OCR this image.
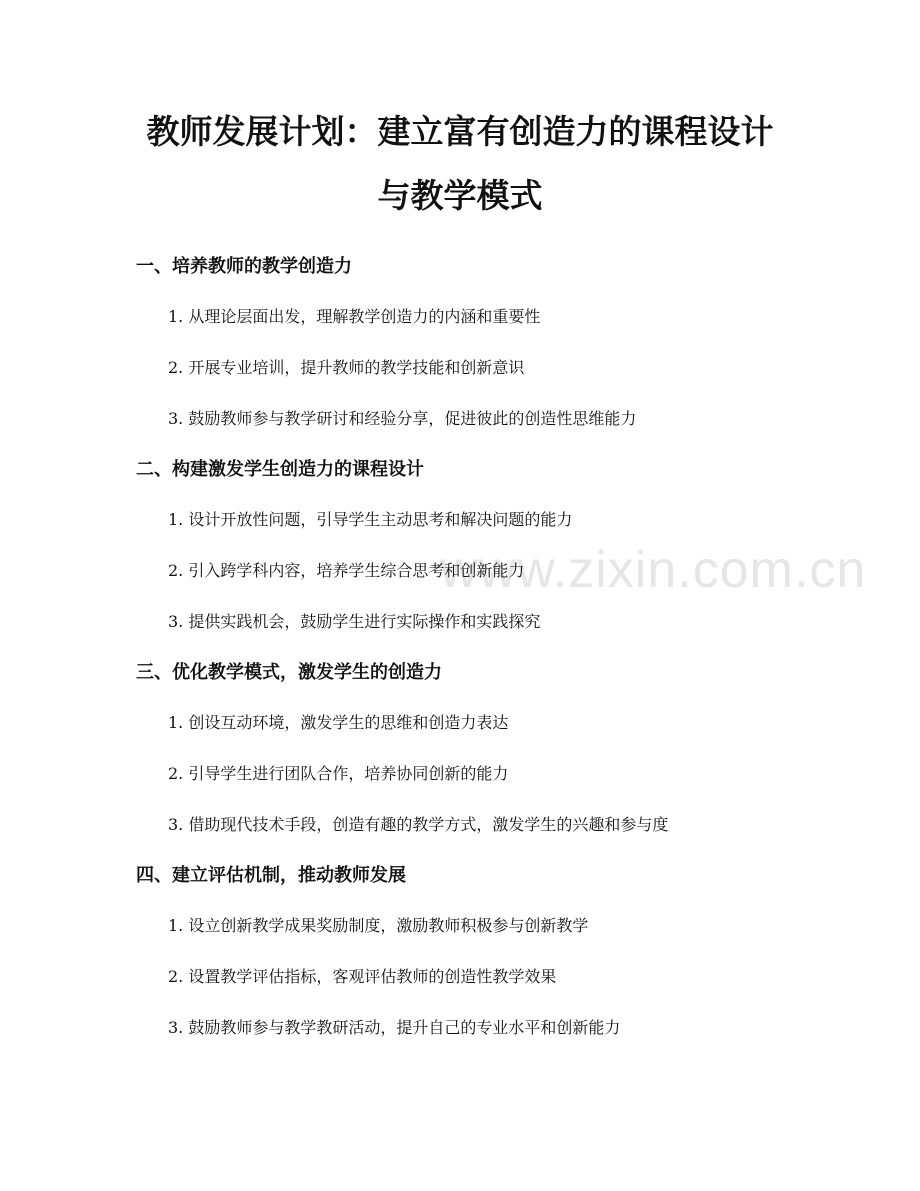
www.zixin.com.cn
教师发展计划：建立富有创造力的课程设计
与教学模式
一、培养教师的教学创造力
1. 从理论层面出发，理解教学创造力的内涵和重要性
2. 开展专业培训，提升教师的教学技能和创新意识
3. 鼓励教师参与教学研讨和经验分享，促进彼此的创造性思维能力
二、构建激发学生创造力的课程设计
1. 设计开放性问题，引导学生主动思考和解决问题的能力
2. 引入跨学科内容，培养学生综合思考和创新能力
3. 提供实践机会，鼓励学生进行实际操作和实践探究
三、优化教学模式，激发学生的创造力
1. 创设互动环境，激发学生的思维和创造力表达
2. 引导学生进行团队合作，培养协同创新的能力
3. 借助现代技术手段，创造有趣的教学方式，激发学生的兴趣和参与度
四、建立评估机制，推动教师发展
1. 设立创新教学成果奖励制度，激励教师积极参与创新教学
2. 设置教学评估指标，客观评估教师的创造性教学效果
3. 鼓励教师参与教学教研活动，提升自己的专业水平和创新能力
